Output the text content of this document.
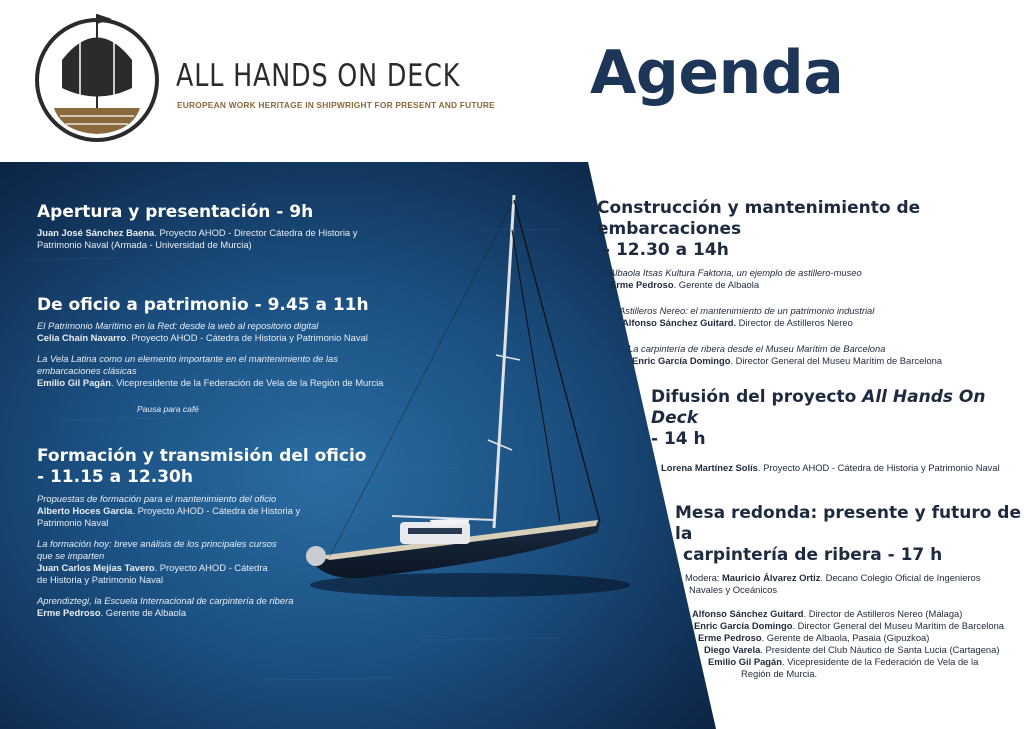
ALL HANDS ON DECK
EUROPEAN WORK HERITAGE IN SHIPWRIGHT FOR PRESENT AND FUTURE Agenda
Apertura y presentación - 9h
Juan José Sánchez Baena. Proyecto AHOD - Director Cátedra de Historia y
Patrimonio Naval (Armada - Universidad de Murcia)
De oficio a patrimonio - 9.45 a 11h
El Patrimonio Marítimo en la Red: desde la web al repositorio digital
Celia Chaín Navarro. Proyecto AHOD - Cátedra de Historia y Patrimonio Naval
La Vela Latina como un elemento importante en el mantenimiento de las
embarcaciones clásicas
Emilio Gil Pagán. Vicepresidente de la Federación de Vela de la Región de Murcia
Pausa para café
Formación y transmisión del oficio
- 11.15 a 12.30h
Propuestas de formación para el mantenimiento del oficio
Alberto Hoces García. Proyecto AHOD - Cátedra de Historia y
Patrimonio Naval
La formación hoy: breve análisis de los principales cursos
que se imparten
Juan Carlos Mejías Tavero. Proyecto AHOD - Cátedra
de Historia y Patrimonio Naval
Aprendiztegi, la Escuela Internacional de carpintería de ribera
Erme Pedroso. Gerente de Albaola
Construcción y mantenimiento de embarcaciones
- 12.30 a 14h
Albaola Itsas Kultura Faktoria, un ejemplo de astillero-museo
Erme Pedroso. Gerente de Albaola
Astilleros Nereo: el mantenimiento de un patrimonio industrial
Alfonso Sánchez Guitard. Director de Astilleros Nereo
La carpintería de ribera desde el Museu Marítim de Barcelona
Enric García Domingo. Director General del Museu Marítim de Barcelona
Difusión del proyecto All Hands On Deck
- 14 h
Lorena Martínez Solís. Proyecto AHOD - Cátedra de Historia y Patrimonio Naval
Mesa redonda: presente y futuro de la
carpintería de ribera - 17 h
Modera: Mauricio Álvarez Ortiz. Decano Colegio Oficial de Ingenieros
Navales y Oceánicos
Alfonso Sánchez Guitard. Director de Astilleros Nereo (Málaga)
Enric García Domingo. Director General del Museu Marítim de Barcelona
Erme Pedroso. Gerente de Albaola, Pasaia (Gipuzkoa)
Diego Varela. Presidente del Club Náutico de Santa Lucia (Cartagena)
Emilio Gil Pagán. Vicepresidente de la Federación de Vela de la
Región de Murcia.
